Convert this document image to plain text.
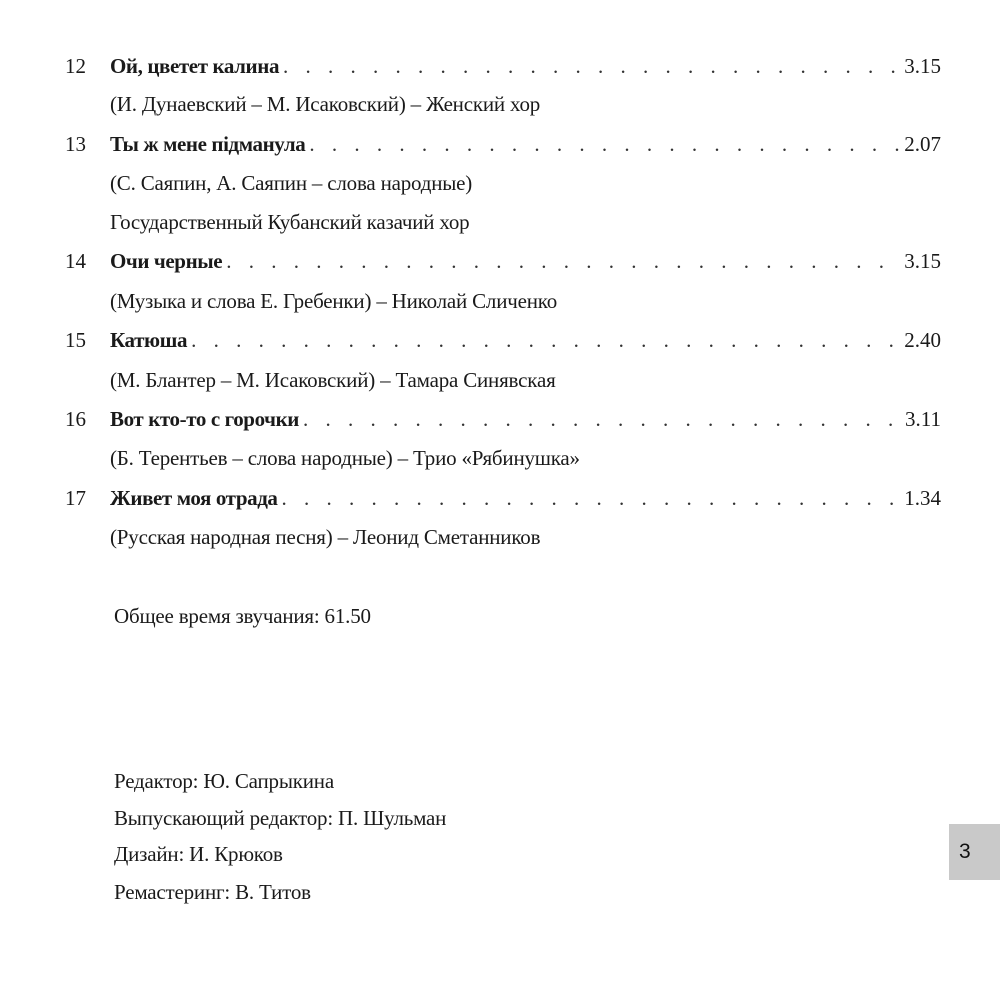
12	Ой, цветет калина . . .	3.15
(И. Дунаевский – М. Исаковский) – Женский хор
13	Ты ж мене підманула . . .	2.07
(С. Саяпин, А. Саяпин – слова народные)
Государственный Кубанский казачий хор
14	Очи черные . . .	3.15
(Музыка и слова Е. Гребенки) – Николай Сличенко
15	Катюша . . .	2.40
(М. Блантер – М. Исаковский) – Тамара Синявская
16	Вот кто-то с горочки . . .	3.11
(Б. Терентьев – слова народные) – Трио «Рябинушка»
17	Живет моя отрада . . .	1.34
(Русская народная песня) – Леонид Сметанников
Общее время звучания: 61.50
Редактор: Ю. Сапрыкина
Выпускающий редактор: П. Шульман
Дизайн: И. Крюков
Ремастеринг: В. Титов
3
